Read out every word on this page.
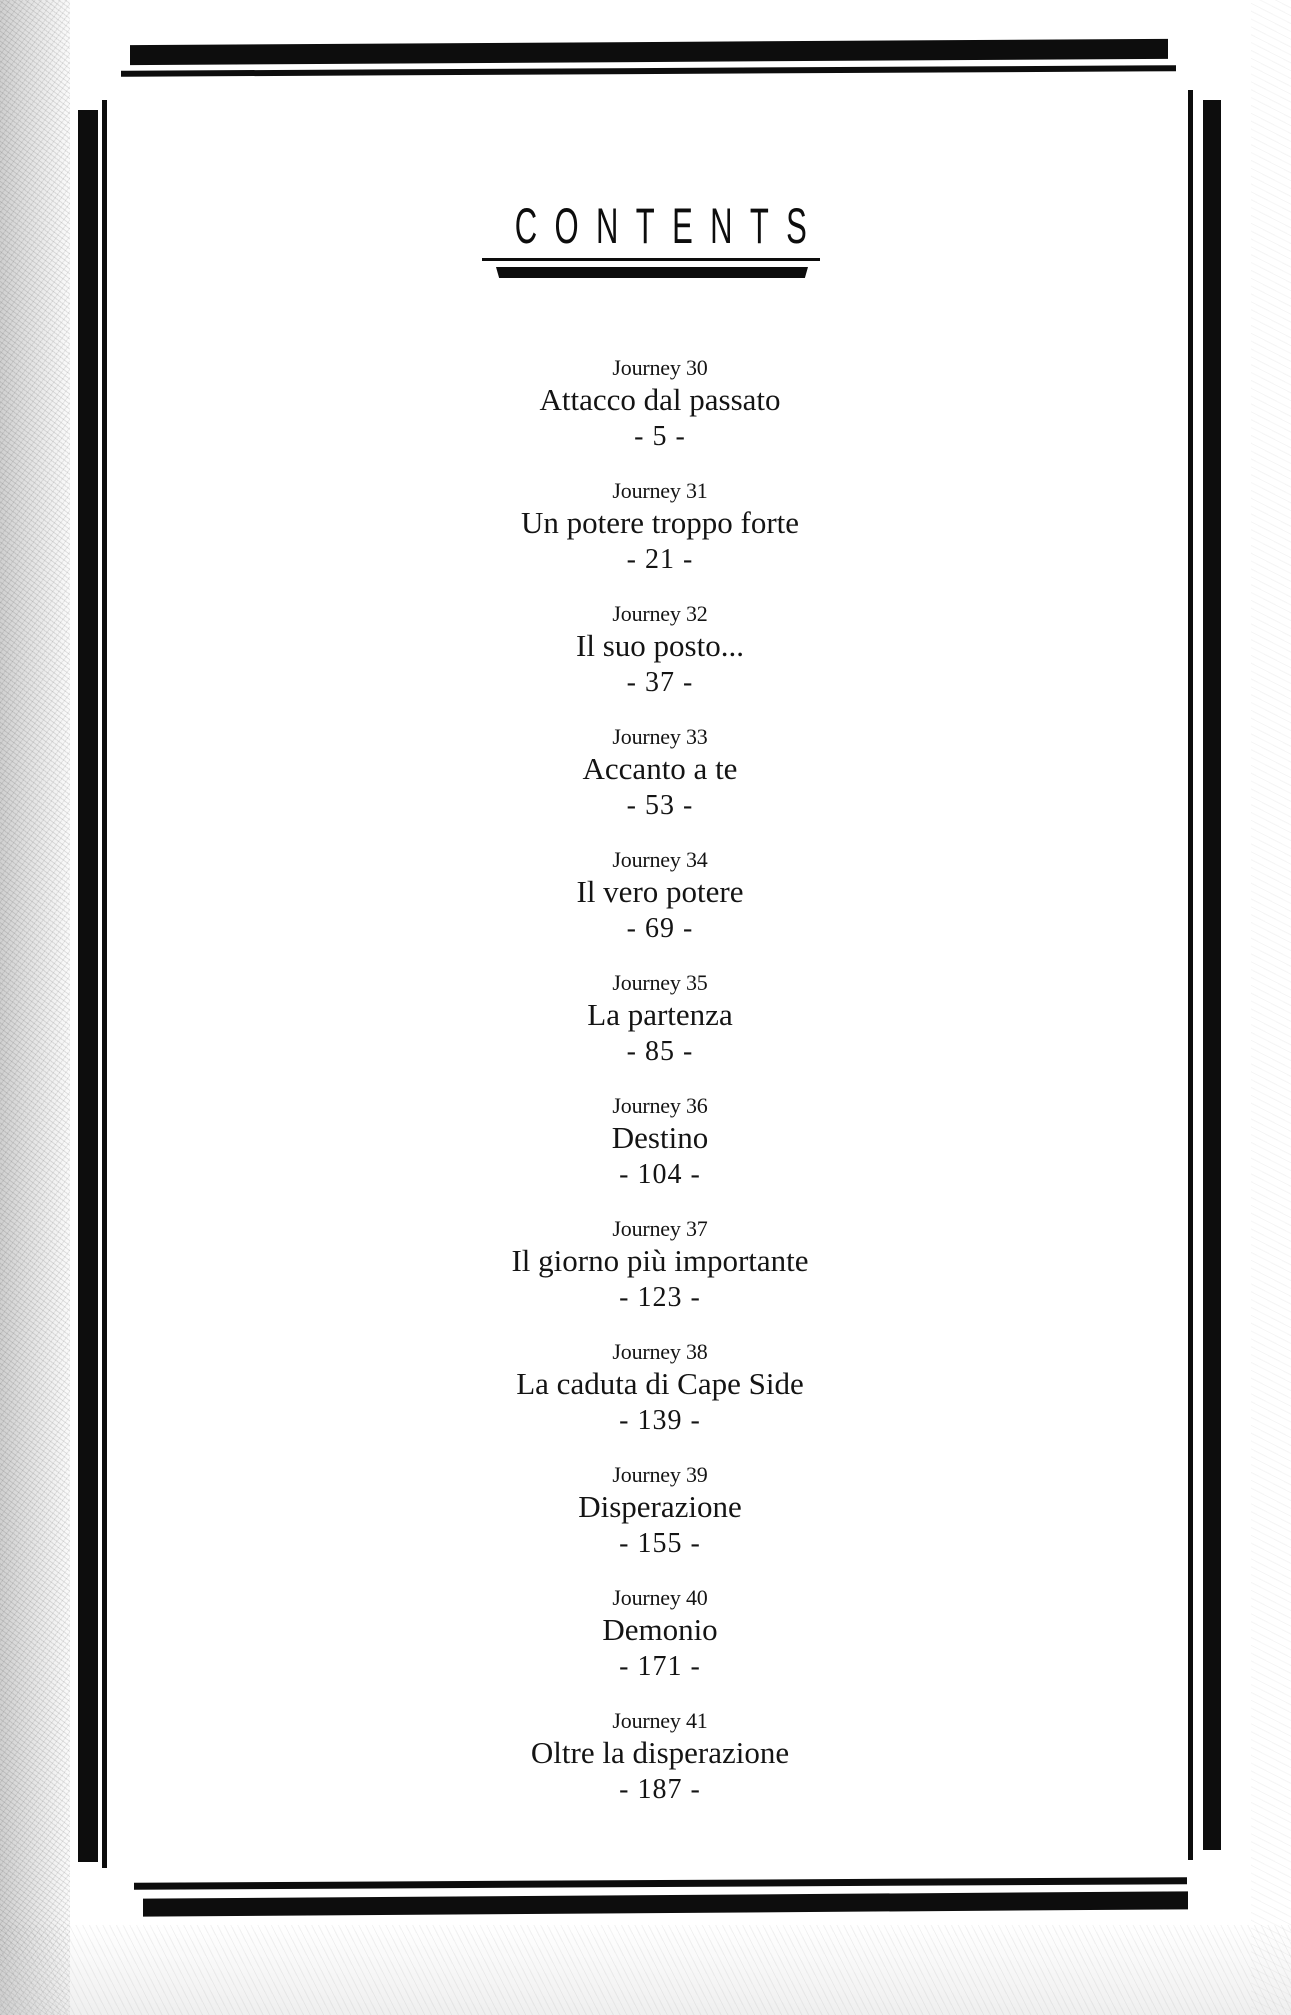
CONTENTS
Journey 30
Attacco dal passato
- 5 -
Journey 31
Un potere troppo forte
- 21 -
Journey 32
Il suo posto...
- 37 -
Journey 33
Accanto a te
- 53 -
Journey 34
Il vero potere
- 69 -
Journey 35
La partenza
- 85 -
Journey 36
Destino
- 104 -
Journey 37
Il giorno più importante
- 123 -
Journey 38
La caduta di Cape Side
- 139 -
Journey 39
Disperazione
- 155 -
Journey 40
Demonio
- 171 -
Journey 41
Oltre la disperazione
- 187 -
